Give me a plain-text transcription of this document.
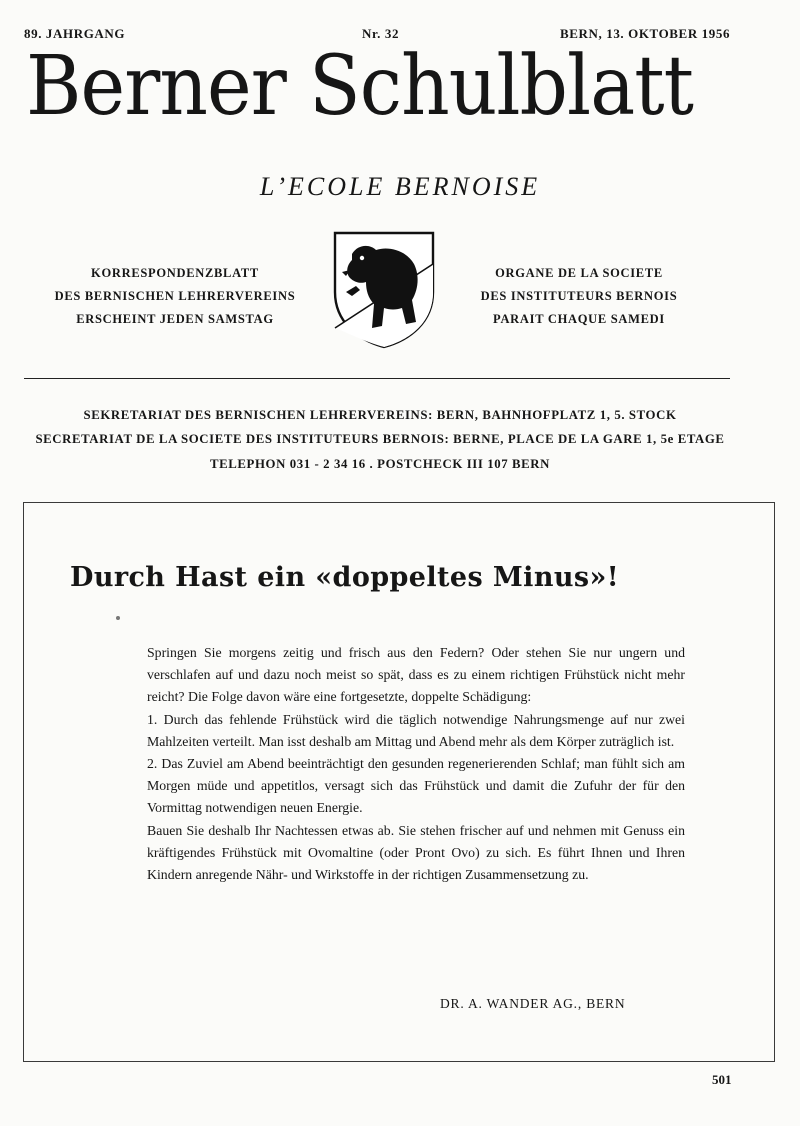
89. JAHRGANG	Nr. 32	BERN, 13. OKTOBER 1956
Berner Schulblatt
L’ECOLE BERNOISE
KORRESPONDENZBLATT
DES BERNISCHEN LEHRERVEREINS
ERSCHEINT JEDEN SAMSTAG
ORGANE DE LA SOCIETE
DES INSTITUTEURS BERNOIS
PARAIT CHAQUE SAMEDI
SEKRETARIAT DES BERNISCHEN LEHRERVEREINS: BERN, BAHNHOFPLATZ 1, 5. STOCK
SECRETARIAT DE LA SOCIETE DES INSTITUTEURS BERNOIS: BERNE, PLACE DE LA GARE 1, 5e ETAGE
TELEPHON 031 - 2 34 16 . POSTCHECK III 107 BERN
Durch Hast ein «doppeltes Minus»!

Springen Sie morgens zeitig und frisch aus den Federn? Oder stehen Sie nur ungern und verschlafen auf und dazu noch meist so spät, dass es zu einem richtigen Frühstück nicht mehr reicht? Die Folge davon wäre eine fortgesetzte, doppelte Schädigung:

1. Durch das fehlende Frühstück wird die täglich notwendige Nahrungsmenge auf nur zwei Mahlzeiten verteilt. Man isst deshalb am Mittag und Abend mehr als dem Körper zuträglich ist.

2. Das Zuviel am Abend beeinträchtigt den gesunden regenerierenden Schlaf; man fühlt sich am Morgen müde und appetitlos, versagt sich das Frühstück und damit die Zufuhr der für den Vormittag notwendigen neuen Energie.

Bauen Sie deshalb Ihr Nachtessen etwas ab. Sie stehen frischer auf und nehmen mit Genuss ein kräftigendes Frühstück mit Ovomaltine (oder Pront Ovo) zu sich. Es führt Ihnen und Ihren Kindern anregende Nähr- und Wirkstoffe in der richtigen Zusammensetzung zu.

DR. A. WANDER AG., BERN
501
